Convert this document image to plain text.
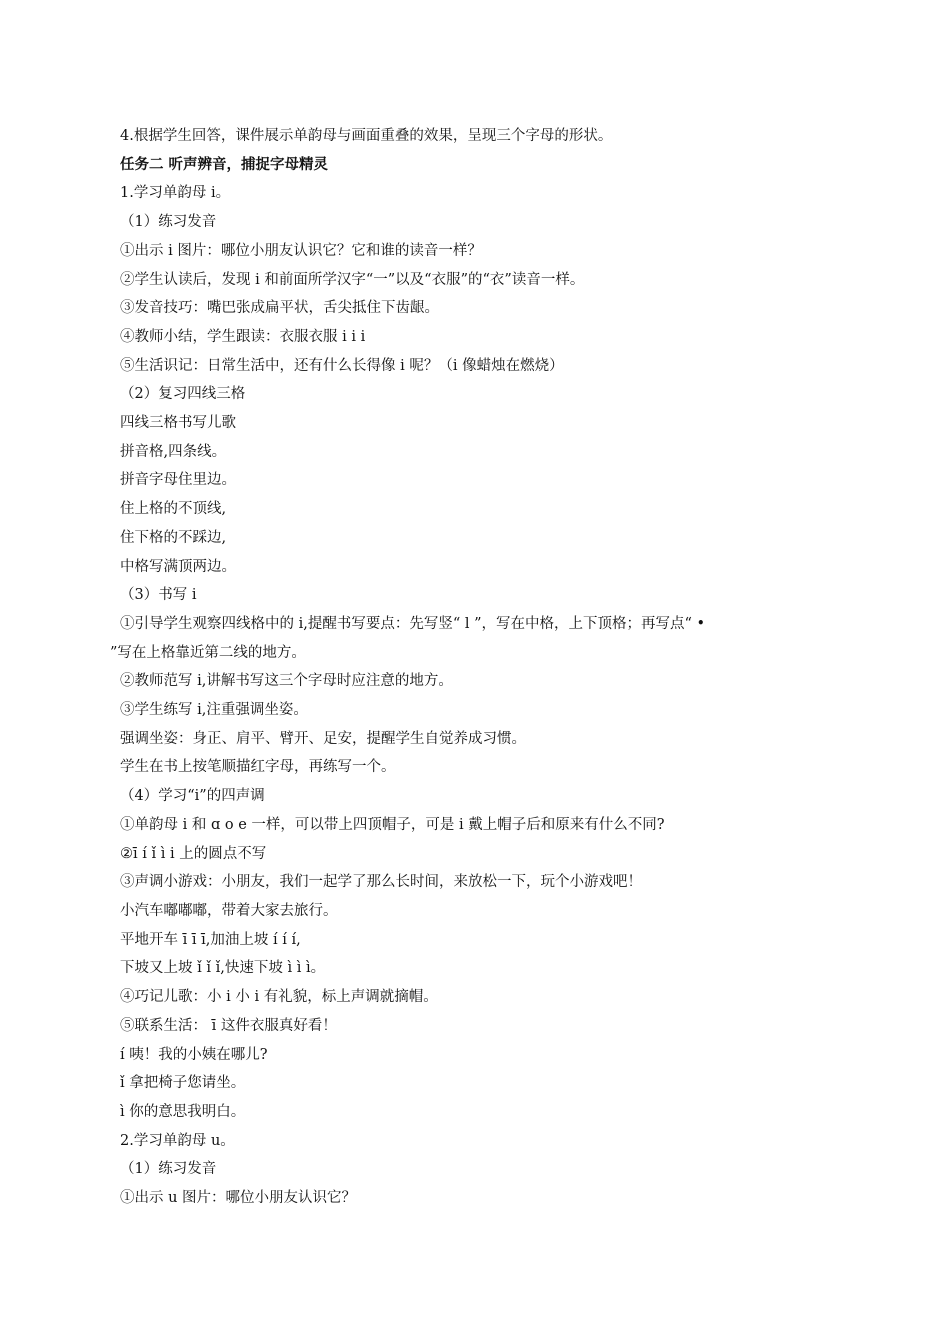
4.根据学生回答，课件展示单韵母与画面重叠的效果，呈现三个字母的形状。
任务二 听声辨音，捕捉字母精灵
1.学习单韵母 i。
（1）练习发音
①出示 i 图片：哪位小朋友认识它？它和谁的读音一样？
②学生认读后，发现 i 和前面所学汉字“一”以及“衣服”的“衣”读音一样。
③发音技巧：嘴巴张成扁平状，舌尖抵住下齿龈。
④教师小结，学生跟读：衣服衣服 i i i
⑤生活识记：日常生活中，还有什么长得像 i 呢？（i 像蜡烛在燃烧）
（2）复习四线三格
四线三格书写儿歌
拼音格,四条线。
拼音字母住里边。
住上格的不顶线,
住下格的不踩边,
中格写满顶两边。
（3）书写 i
①引导学生观察四线格中的 i,提醒书写要点：先写竖“ l ”，写在中格，上下顶格；再写点“ •
”写在上格靠近第二线的地方。
②教师范写 i,讲解书写这三个字母时应注意的地方。
③学生练写 i,注重强调坐姿。
强调坐姿：身正、肩平、臂开、足安，提醒学生自觉养成习惯。
学生在书上按笔顺描红字母，再练写一个。
（4）学习“i”的四声调
①单韵母 i 和 ɑ o e 一样，可以带上四顶帽子，可是 i 戴上帽子后和原来有什么不同?
②ī í ǐ ì i 上的圆点不写
③声调小游戏：小朋友，我们一起学了那么长时间，来放松一下，玩个小游戏吧！
小汽车嘟嘟嘟，带着大家去旅行。
平地开车 ī ī ī,加油上坡 í í í,
下坡又上坡 ǐ ǐ ǐ,快速下坡 ì ì ì。
④巧记儿歌：小 i 小 i 有礼貌，标上声调就摘帽。
⑤联系生活： ī 这件衣服真好看！
í 咦！我的小姨在哪儿?
ǐ 拿把椅子您请坐。
ì 你的意思我明白。
2.学习单韵母 u。
（1）练习发音
①出示 u 图片：哪位小朋友认识它？
